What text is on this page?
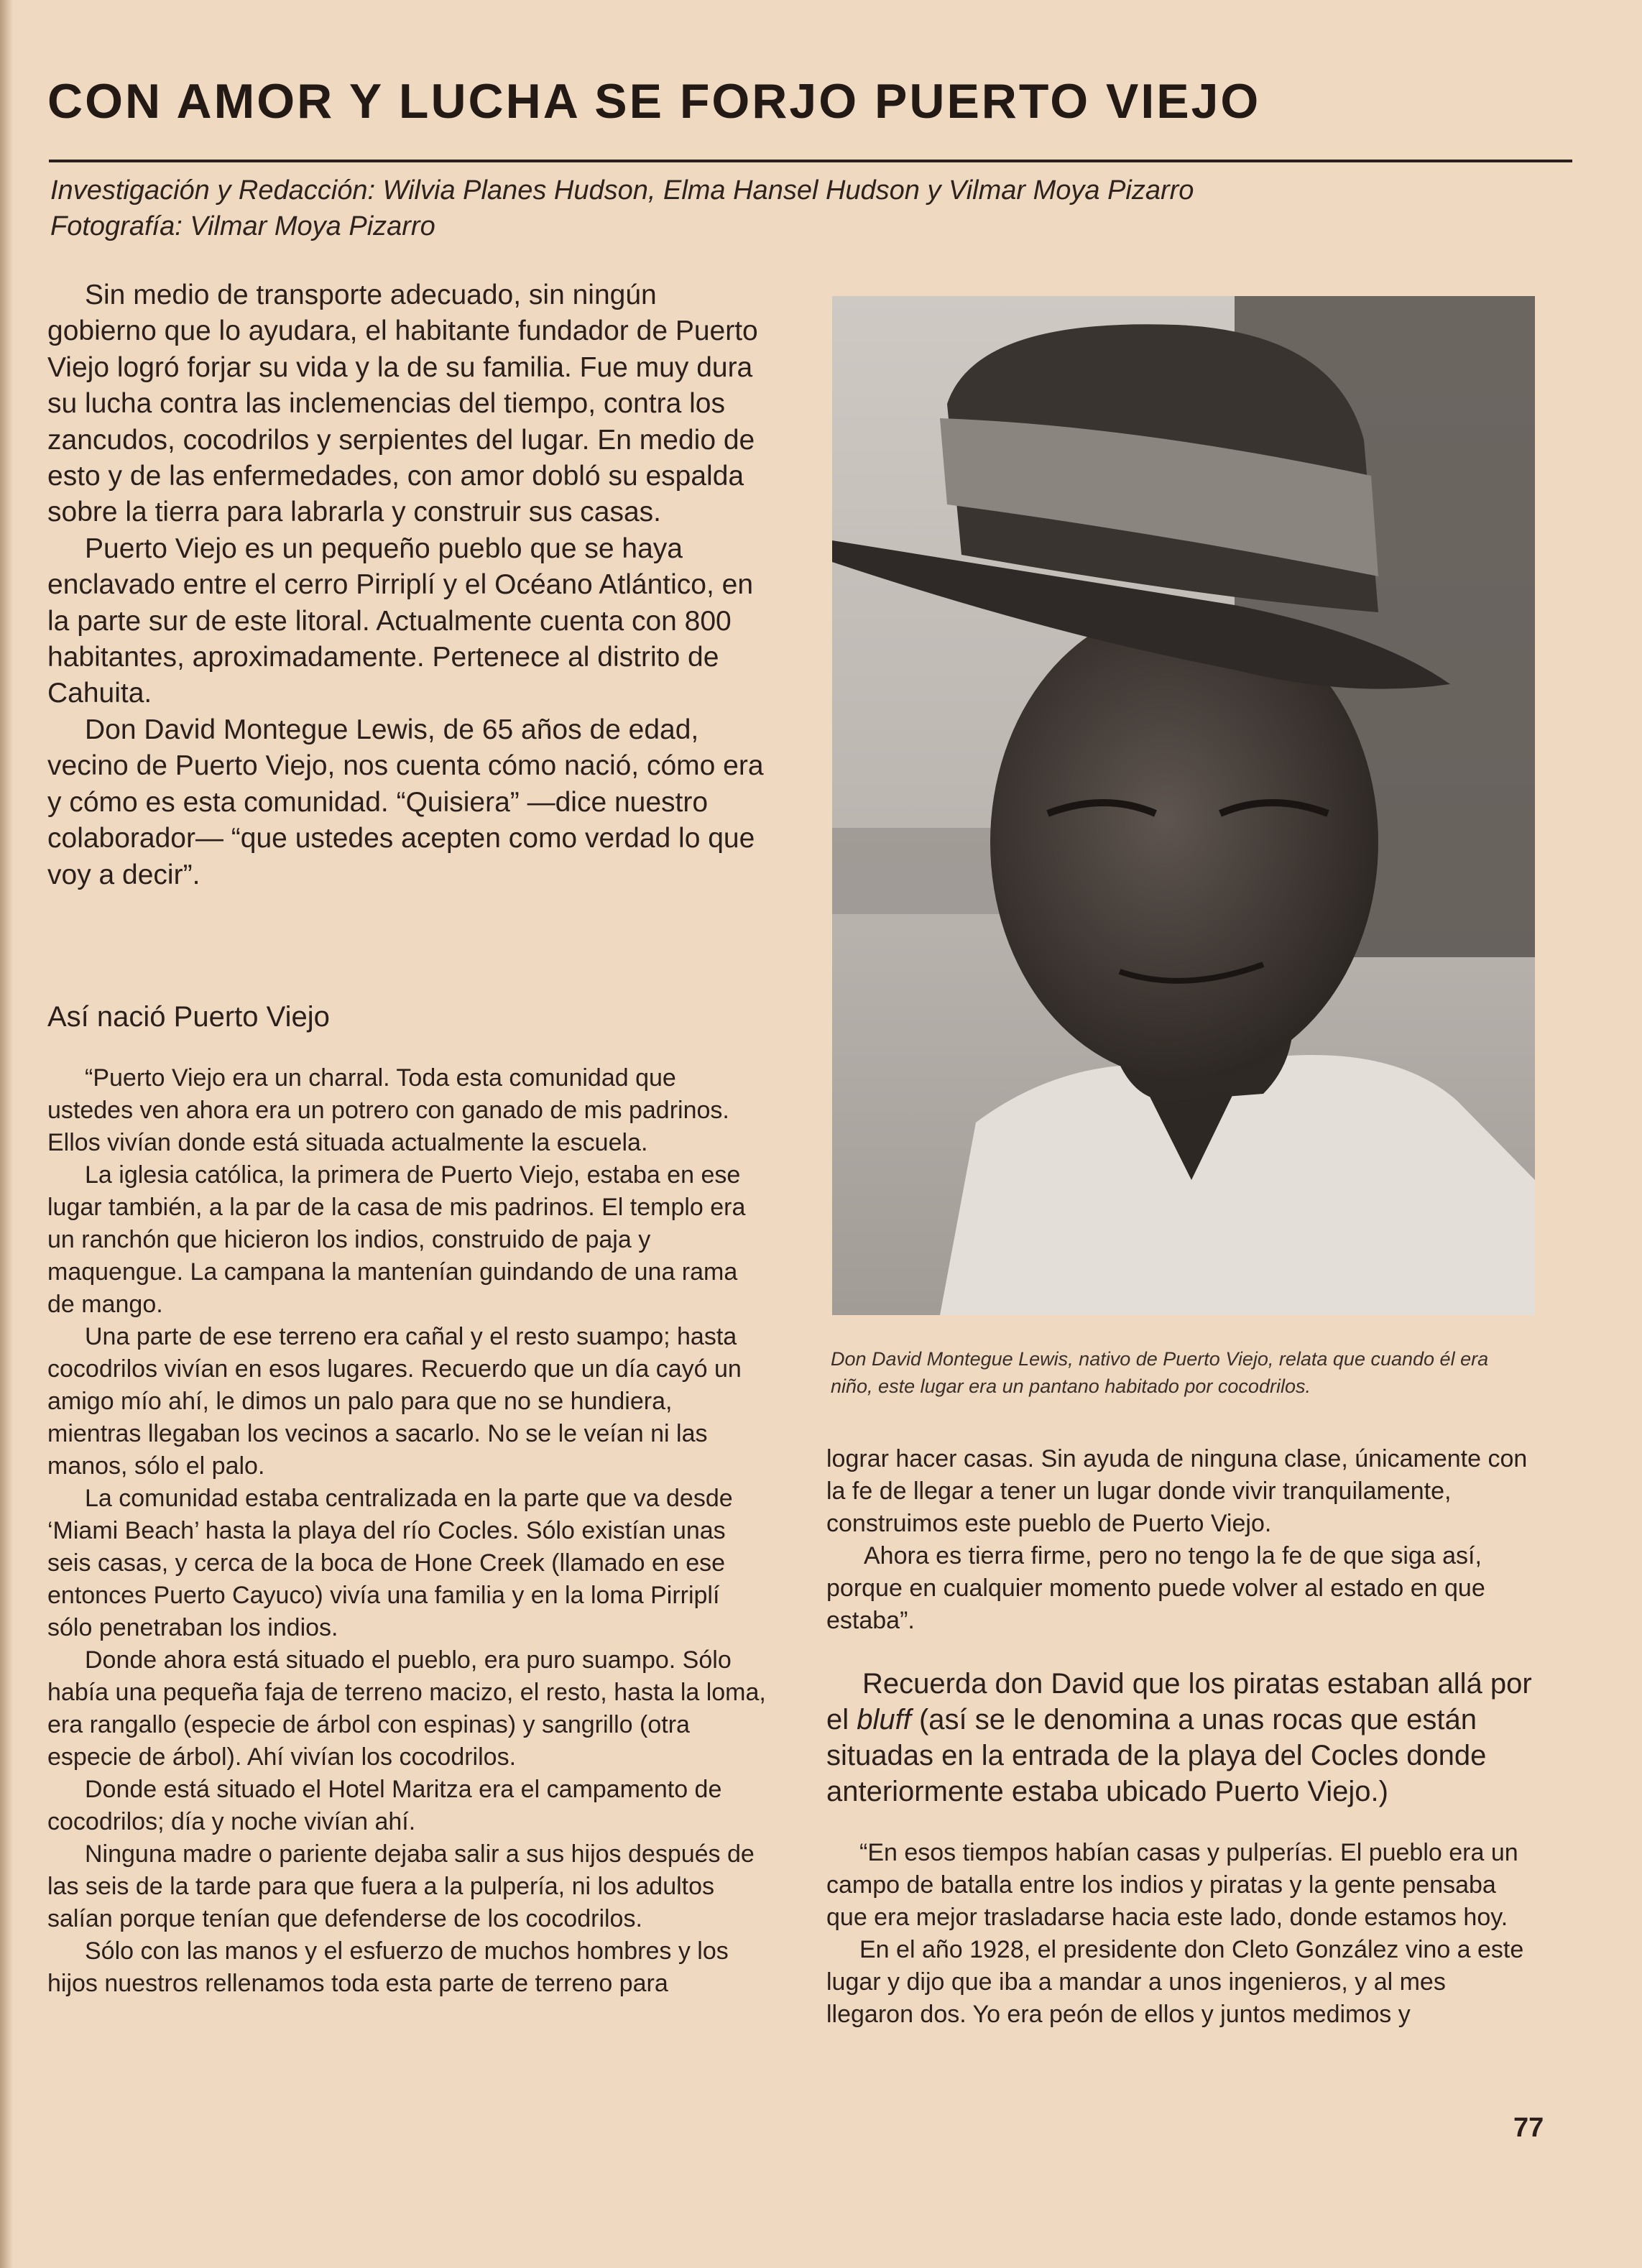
CON AMOR Y LUCHA SE FORJO PUERTO VIEJO
Investigación y Redacción: Wilvia Planes Hudson, Elma Hansel Hudson y Vilmar Moya Pizarro
Fotografía: Vilmar Moya Pizarro

Sin medio de transporte adecuado, sin ningún gobierno que lo ayudara, el habitante fundador de Puerto Viejo logró forjar su vida y la de su familia. Fue muy dura su lucha contra las inclemencias del tiempo, contra los zancudos, cocodrilos y serpientes del lugar. En medio de esto y de las enfermedades, con amor dobló su espalda sobre la tierra para labrarla y construir sus casas.

Puerto Viejo es un pequeño pueblo que se haya enclavado entre el cerro Pirriplí y el Océano Atlántico, en la parte sur de este litoral. Actualmente cuenta con 800 habitantes, aproximadamente. Pertenece al distrito de Cahuita.

Don David Montegue Lewis, de 65 años de edad, vecino de Puerto Viejo, nos cuenta cómo nació, cómo era y cómo es esta comunidad. “Quisiera” —dice nuestro colaborador— “que ustedes acepten como verdad lo que voy a decir”.

Así nació Puerto Viejo

“Puerto Viejo era un charral. Toda esta comunidad que ustedes ven ahora era un potrero con ganado de mis padrinos. Ellos vivían donde está situada actualmente la escuela.

La iglesia católica, la primera de Puerto Viejo, estaba en ese lugar también, a la par de la casa de mis padrinos. El templo era un ranchón que hicieron los indios, construido de paja y maquengue. La campana la mantenían guindando de una rama de mango.

Una parte de ese terreno era cañal y el resto suampo; hasta cocodrilos vivían en esos lugares. Recuerdo que un día cayó un amigo mío ahí, le dimos un palo para que no se hundiera, mientras llegaban los vecinos a sacarlo. No se le veían ni las manos, sólo el palo.

La comunidad estaba centralizada en la parte que va desde ‘Miami Beach’ hasta la playa del río Cocles. Sólo existían unas seis casas, y cerca de la boca de Hone Creek (llamado en ese entonces Puerto Cayuco) vivía una familia y en la loma Pirriplí sólo penetraban los indios.

Donde ahora está situado el pueblo, era puro suampo. Sólo había una pequeña faja de terreno macizo, el resto, hasta la loma, era rangallo (especie de árbol con espinas) y sangrillo (otra especie de árbol). Ahí vivían los cocodrilos.

Donde está situado el Hotel Maritza era el campamento de cocodrilos; día y noche vivían ahí.

Ninguna madre o pariente dejaba salir a sus hijos después de las seis de la tarde para que fuera a la pulpería, ni los adultos salían porque tenían que defenderse de los cocodrilos.

Sólo con las manos y el esfuerzo de muchos hombres y los hijos nuestros rellenamos toda esta parte de terreno para

Don David Montegue Lewis, nativo de Puerto Viejo, relata que cuando él era niño, este lugar era un pantano habitado por cocodrilos.

lograr hacer casas. Sin ayuda de ninguna clase, únicamente con la fe de llegar a tener un lugar donde vivir tranquilamente, construimos este pueblo de Puerto Viejo.

Ahora es tierra firme, pero no tengo la fe de que siga así, porque en cualquier momento puede volver al estado en que estaba”.

Recuerda don David que los piratas estaban allá por el bluff (así se le denomina a unas rocas que están situadas en la entrada de la playa del Cocles donde anteriormente estaba ubicado Puerto Viejo.)

“En esos tiempos habían casas y pulperías. El pueblo era un campo de batalla entre los indios y piratas y la gente pensaba que era mejor trasladarse hacia este lado, donde estamos hoy.

En el año 1928, el presidente don Cleto González vino a este lugar y dijo que iba a mandar a unos ingenieros, y al mes llegaron dos. Yo era peón de ellos y juntos medimos y

77
